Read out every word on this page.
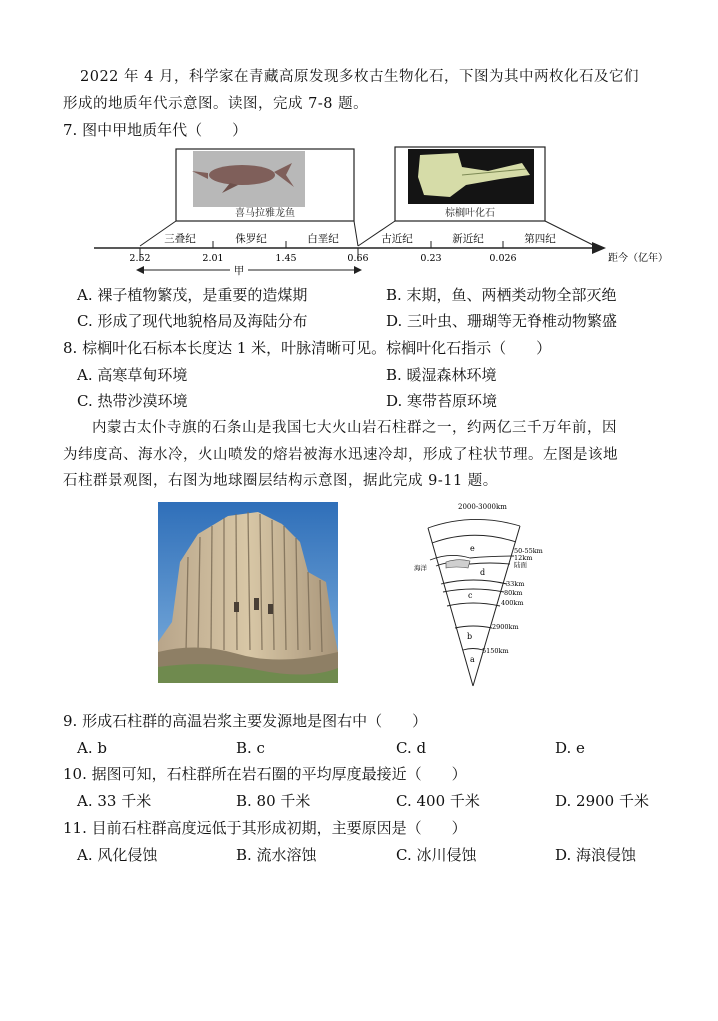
2022 年 4 月，科学家在青藏高原发现多枚古生物化石，下图为其中两枚化石及它们
形成的地质年代示意图。读图，完成 7-8 题。
7. 图中甲地质年代（　　）
喜马拉雅龙鱼	棕榈叶化石
三叠纪	侏罗纪	白垩纪	古近纪	新近纪	第四纪
2.52	2.01	1.45	0.66	0.23	0.026	距今（亿年）
甲
A. 裸子植物繁茂，是重要的造煤期	B. 末期，鱼、两栖类动物全部灭绝
C. 形成了现代地貌格局及海陆分布	D. 三叶虫、珊瑚等无脊椎动物繁盛
8. 棕榈叶化石标本长度达 1 米，叶脉清晰可见。棕榈叶化石指示（　　）
A. 高寒草甸环境	B. 暖湿森林环境
C. 热带沙漠环境	D. 寒带苔原环境
内蒙古太仆寺旗的石条山是我国七大火山岩石柱群之一，约两亿三千万年前，因
为纬度高、海水冷，火山喷发的熔岩被海水迅速冷却，形成了柱状节理。左图是该地
石柱群景观图，右图为地球圈层结构示意图，据此完成 9-11 题。
2000-3000km
e
d
c
b
a
50-55km
12km
陆面
海洋
33km
80km
400km
2900km
5150km
9. 形成石柱群的高温岩浆主要发源地是图右中（　　）
A. b	B. c	C. d	D. e
10. 据图可知，石柱群所在岩石圈的平均厚度最接近（　　）
A. 33 千米	B. 80 千米	C. 400 千米	D. 2900 千米
11. 目前石柱群高度远低于其形成初期，主要原因是（　　）
A. 风化侵蚀	B. 流水溶蚀	C. 冰川侵蚀	D. 海浪侵蚀
